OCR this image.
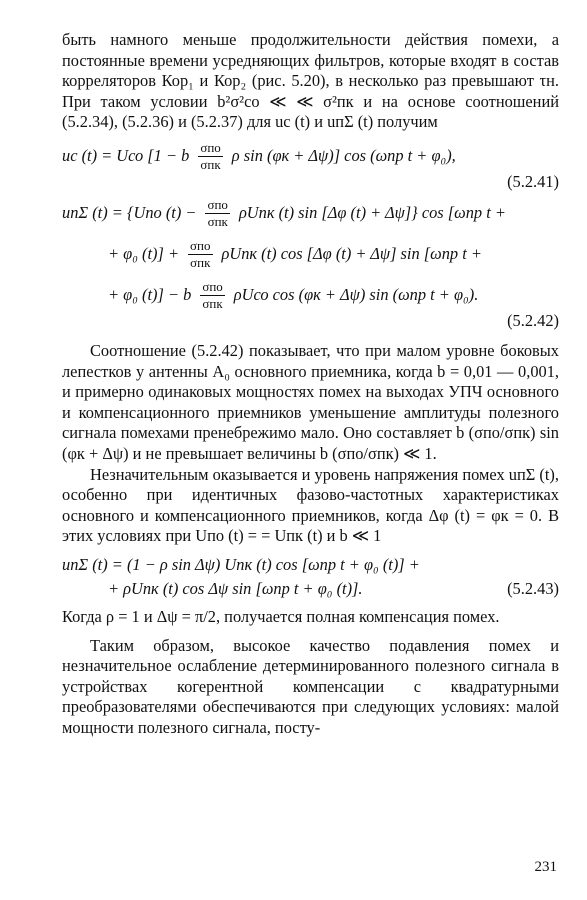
быть намного меньше продолжительности действия помехи, а постоянные времени усредняющих фильтров, которые входят в состав корреляторов Кор₁ и Кор₂ (рис. 5.20), в несколько раз превышают τн. При таком условии b²σ²со ≪ ≪ σ²пк и на основе соотношений (5.2.34), (5.2.36) и (5.2.37) для uс (t) и uпΣ (t) получим

uс (t) = Uсо [1 − b $\frac{\text{σпо}}{\text{σпк}}$ ρ sin (φк + Δψ)] cos (ωпр t + φ₀),
(5.2.41)
uпΣ (t) = {Uпо $(t) - \frac{\text{σпо}}{\text{σпк}}$ ρUпк (t) sin [Δφ (t) + Δψ]} cos [ωпр t +
+ φ₀ $(t)] + \frac{\text{σпо}}{\text{σпк}}$ ρUпк (t) cos [Δφ (t) + Δψ] sin [ωпр t +
+ φ₀ (t)] − b $\frac{\text{σпо}}{\text{σпк}}$ ρUсо cos (φк + Δψ) sin (ωпр t + φ₀).
(5.2.42)

Соотношение (5.2.42) показывает, что при малом уровне боковых лепестков у антенны A₀ основного приемника, когда b = 0,01 — 0,001, и примерно одинаковых мощностях помех на выходах УПЧ основного и компенсационного приемников уменьшение амплитуды полезного сигнала помехами пренебрежимо мало. Оно составляет b (σпо/σпк) sin (φк + Δψ) и не превышает величины b (σпо/σпк) ≪ 1.

Незначительным оказывается и уровень напряжения помех uпΣ (t), особенно при идентичных фазово-частотных характеристиках основного и компенсационного приемников, когда Δφ (t) = φк = 0. В этих условиях при Uпо (t) = = Uпк (t) и b ≪ 1

uпΣ (t) = (1 − ρ sin Δψ) Uпк (t) cos [ωпр t + φ₀ (t)] +
+ ρUпк (t) cos Δψ sin [ωпр t + φ₀ (t)].	(5.2.43)

Когда ρ = 1 и Δψ = π/2, получается полная компенсация помех.

Таким образом, высокое качество подавления помех и незначительное ослабление детерминированного полезного сигнала в устройствах когерентной компенсации с квадратурными преобразователями обеспечиваются при следующих условиях: малой мощности полезного сигнала, посту-

231
